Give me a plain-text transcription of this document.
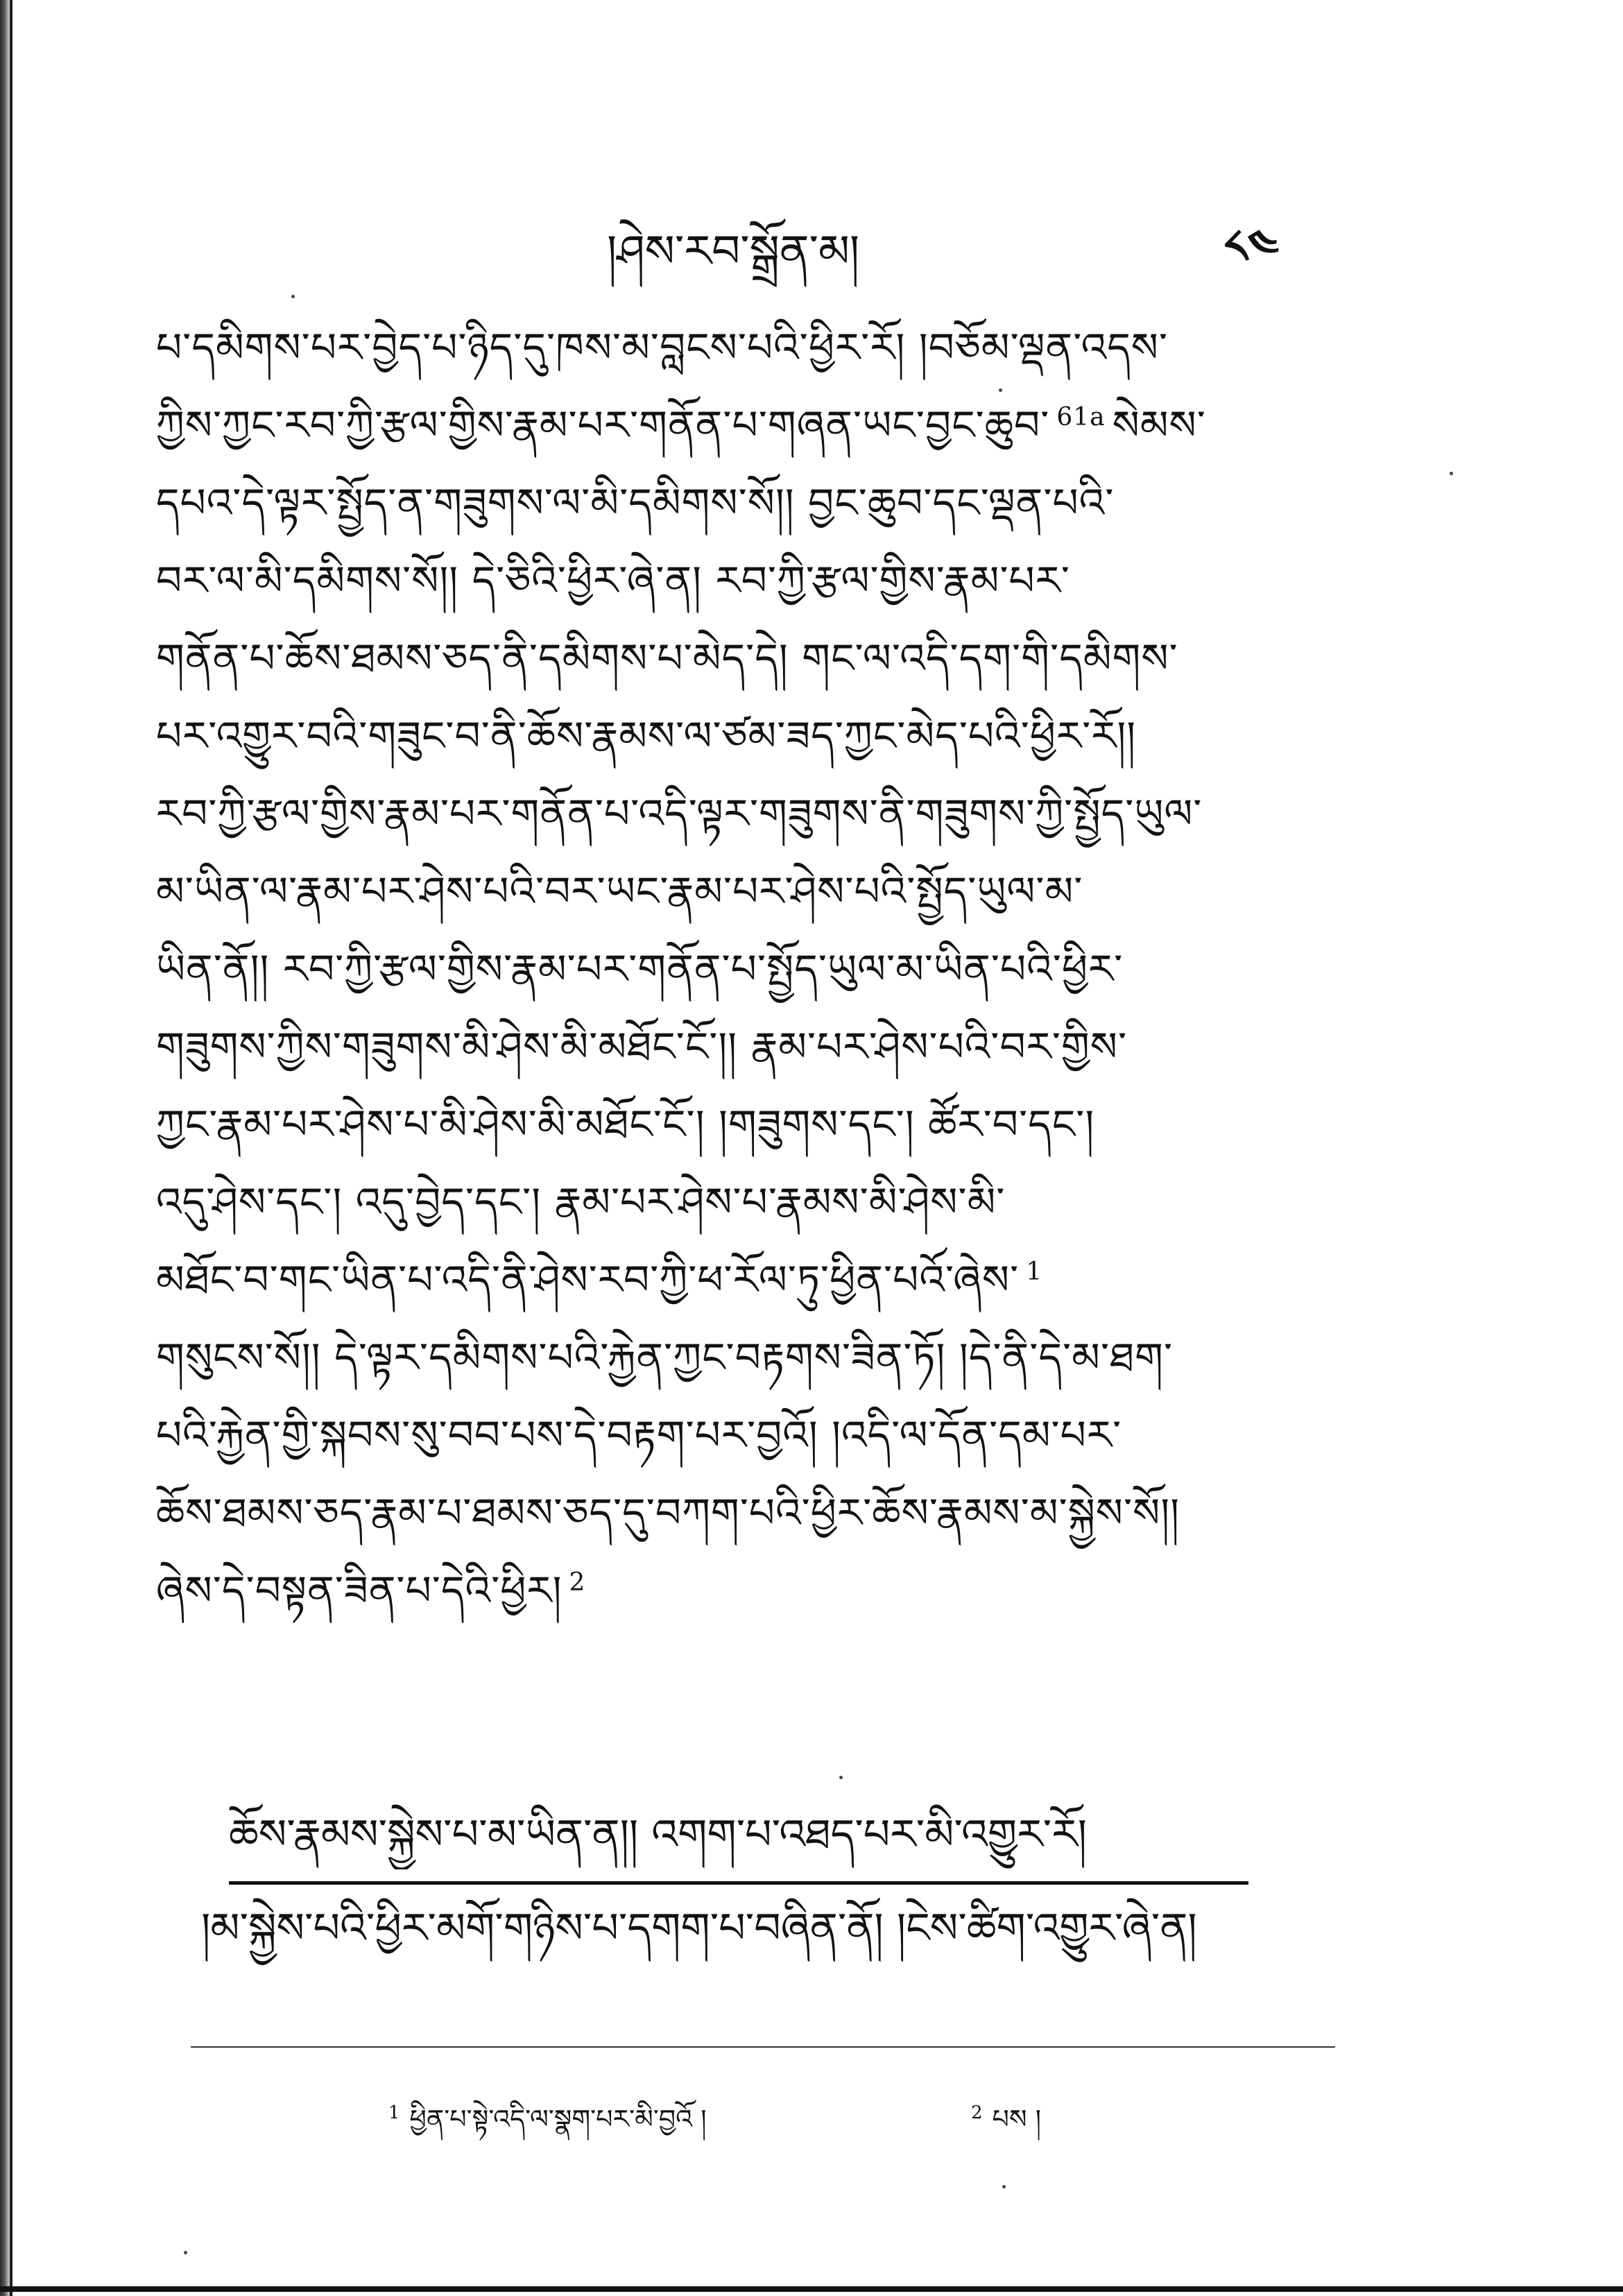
།ཤེས་རབ་སྒྲོན་མ།	༨༤
པ་དམིགས་པར་བྱེད་པ་ཉིད་དུ་ཁས་མ་བླངས་པའི་ཕྱིར་རོ། །བཅོམ་ལྡན་འདས་
ཀྱིས་ཀྱང་རབ་ཀྱི་རྩལ་གྱིས་རྣམ་པར་གནོན་པ་གཞན་ཡང་བྱང་ཆུབ་ $^{61a}$ སེམས་
དཔའ་དེ་ལྟར་སྤྱོད་ན་གཟུགས་ལ་མི་དམིགས་སོ།། བྱང་ཆུབ་དང་ལྡན་པའི་
བར་ལ་མི་དམིགས་སོ།། དེ་ཅིའི་ཕྱིར་ཞེ་ན། རབ་ཀྱི་རྩལ་གྱིས་རྣམ་པར་
གནོན་པ་ཆོས་ཐམས་ཅད་ནི་དམིགས་པ་མེད་དེ། གང་ལ་འདི་དག་གི་དམིགས་
པར་འགྱུར་བའི་གཟུང་བ་ནི་ཆོས་རྣམས་ལ་ཙམ་ཟད་ཀྱང་མེད་པའི་ཕྱིར་རོ།།
རབ་ཀྱི་རྩལ་གྱིས་རྣམ་པར་གནོན་པ་འདི་ལྟར་གཟུགས་ནི་གཟུགས་ཀྱི་སྤྱོད་ཡུལ་
མ་ཡིན་ལ་རྣམ་པར་ཤེས་པའི་བར་ཡང་རྣམ་པར་ཤེས་པའི་སྤྱོད་ཡུལ་མ་
ཡིན་ནོ།། རབ་ཀྱི་རྩལ་གྱིས་རྣམ་པར་གནོན་པ་སྤྱོད་ཡུལ་མ་ཡིན་པའི་ཕྱིར་
གཟུགས་ཀྱིས་གཟུགས་མི་ཤེས་མི་མཐོང་ངོ་།། རྣམ་པར་ཤེས་པའི་བར་གྱིས་
ཀྱང་རྣམ་པར་ཤེས་པ་མི་ཤེས་མི་མཐོང་ངོ་། །གཟུགས་དང་། ཚོར་བ་དང་།
འདུ་ཤེས་དང་། འདུ་བྱེད་དང་། རྣམ་པར་ཤེས་པ་རྣམས་མི་ཤེས་མི་
མཐོང་བ་གང་ཡིན་པ་འདི་ནི་ཤེས་རབ་ཀྱི་ཕ་རོལ་ཏུ་ཕྱིན་པའོ་ཞེས་ $^1$
གསུངས་སོ།། དེ་ལྟར་དམིགས་པའི་རྐྱེན་ཀྱང་བརྟགས་ཟིན་ཏོ། །དེ་ནི་དེ་མ་ཐག་
པའི་རྐྱེན་གྱི་སྐབས་སུ་བབ་པས་དེ་བརྟག་པར་བྱའོ། །འདི་ལ་དོན་དམ་པར་
ཆོས་ཐམས་ཅད་རྣམ་པ་ཐམས་ཅད་དུ་བཀག་པའི་ཕྱིར་ཆོས་རྣམས་མ་སྐྱེས་སོ།།
ཞེས་དེ་བསྟན་ཟིན་པ་དེའི་ཕྱིར། $^2$
ཆོས་རྣམས་སྐྱེས་པ་མ་ཡིན་ན།། འགག་པ་འཐད་པར་མི་འགྱུར་རོ།
།མ་སྐྱེས་པའི་ཕྱིར་མགོ་གཉིས་པ་དགག་པ་བཞིན་ནོ། །ངེས་ཚིག་འགྱུར་ཞེ་ན།
$^1$ ཕྱིན་པ་སྟེ་འདི་ལ་སྣག་པར་མི་བྱའོ །	$^2$ པས །
